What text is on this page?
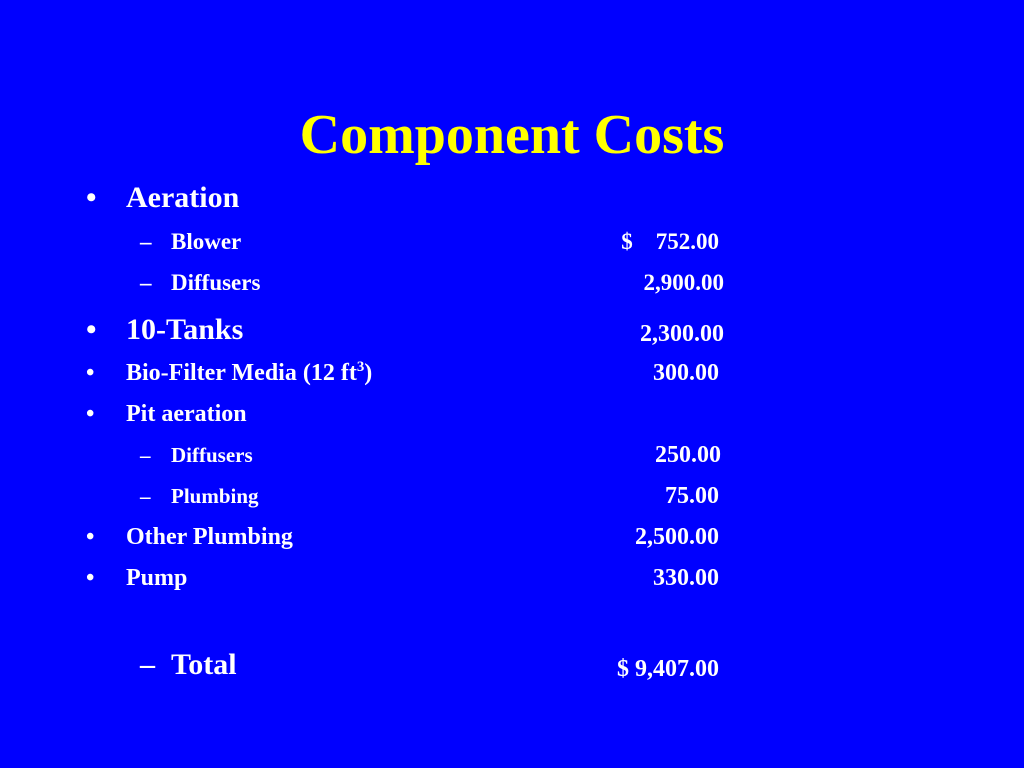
Component Costs
• Aeration
– Blower	$    752.00
– Diffusers	2,900.00
• 10-Tanks	2,300.00
• Bio-Filter Media (12 $ft^3$)	300.00
• Pit aeration
– Diffusers	250.00
– Plumbing	75.00
• Other Plumbing	2,500.00
• Pump	330.00
– Total	$ 9,407.00
